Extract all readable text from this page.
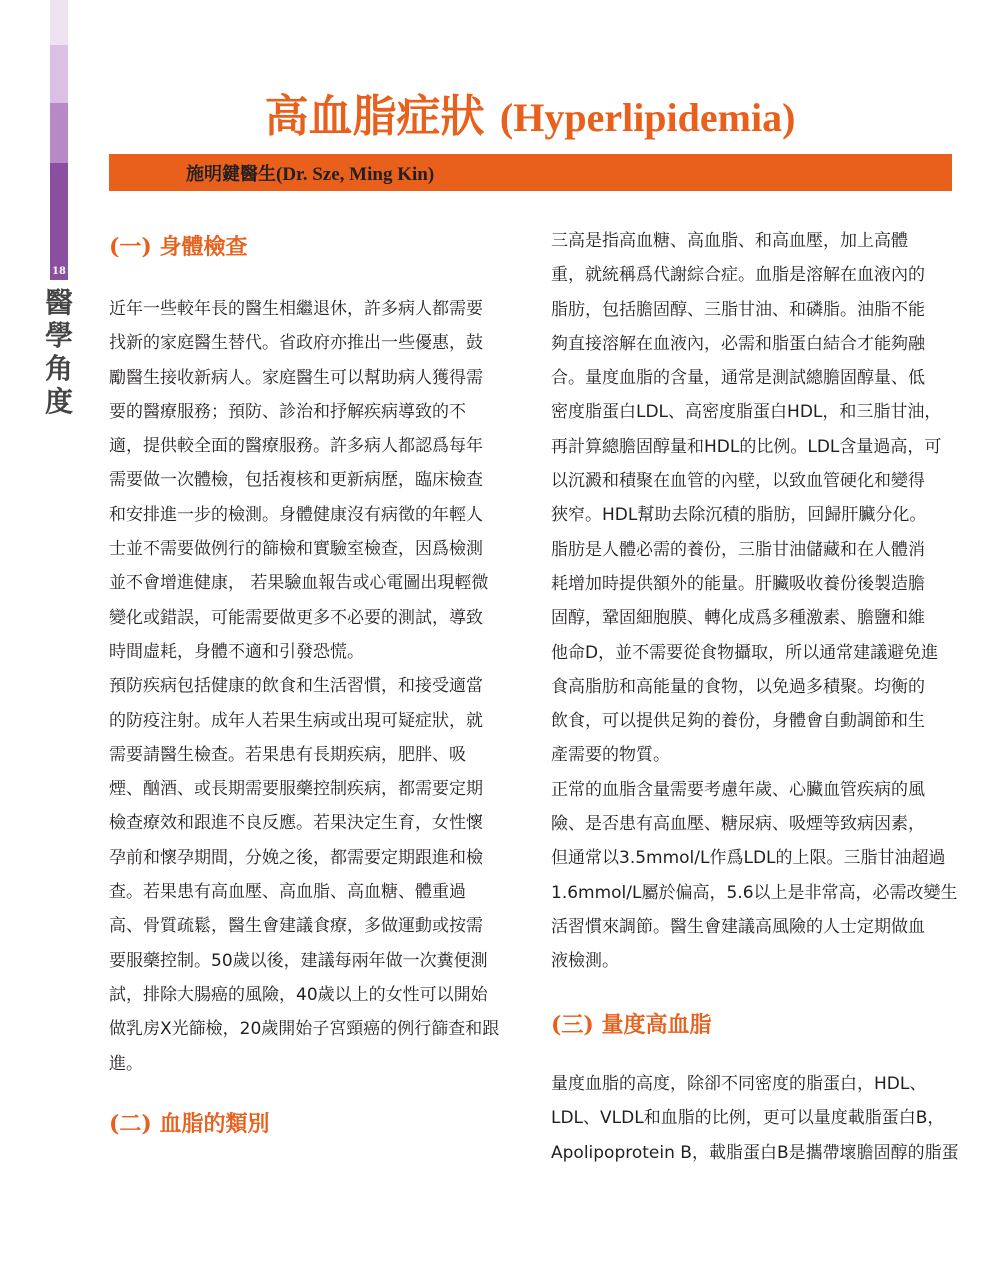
18
醫
學
角
度
高血脂症狀 (Hyperlipidemia)
施明鍵醫生(Dr. Sze, Ming Kin)
(一) 身體檢查
(二) 血脂的類別
(三) 量度高血脂

近年一些較年長的醫生相繼退休，許多病人都需要

找新的家庭醫生替代。省政府亦推出一些優惠，鼓

勵醫生接收新病人。家庭醫生可以幫助病人獲得需

要的醫療服務；預防、診治和抒解疾病導致的不

適，提供較全面的醫療服務。許多病人都認爲每年

需要做一次體檢，包括複核和更新病歷，臨床檢查

和安排進一步的檢測。身體健康沒有病徵的年輕人

士並不需要做例行的篩檢和實驗室檢查，因爲檢測

並不會增進健康， 若果驗血報告或心電圖出現輕微

變化或錯誤，可能需要做更多不必要的測試，導致

時間虛耗，身體不適和引發恐慌。

預防疾病包括健康的飲食和生活習慣，和接受適當

的防疫注射。成年人若果生病或出現可疑症狀，就

需要請醫生檢查。若果患有長期疾病，肥胖、吸

煙、酗酒、或長期需要服藥控制疾病，都需要定期

檢查療效和跟進不良反應。若果決定生育，女性懷

孕前和懷孕期間，分娩之後，都需要定期跟進和檢

查。若果患有高血壓、高血脂、高血糖、體重過

高、骨質疏鬆，醫生會建議食療，多做運動或按需

要服藥控制。50歲以後，建議每兩年做一次糞便測

試，排除大腸癌的風險，40歲以上的女性可以開始

做乳房X光篩檢，20歲開始子宮頸癌的例行篩查和跟

進。

三高是指高血糖、高血脂、和高血壓，加上高體

重，就統稱爲代謝綜合症。血脂是溶解在血液內的

脂肪，包括膽固醇、三脂甘油、和磷脂。油脂不能

夠直接溶解在血液內，必需和脂蛋白結合才能夠融

合。量度血脂的含量，通常是測試總膽固醇量、低

密度脂蛋白LDL、高密度脂蛋白HDL，和三脂甘油，

再計算總膽固醇量和HDL的比例。LDL含量過高，可

以沉澱和積聚在血管的內壁，以致血管硬化和變得

狹窄。HDL幫助去除沉積的脂肪，回歸肝臟分化。

脂肪是人體必需的養份，三脂甘油儲藏和在人體消

耗增加時提供額外的能量。肝臟吸收養份後製造膽

固醇，鞏固細胞膜、轉化成爲多種激素、膽鹽和維

他命D，並不需要從食物攝取，所以通常建議避免進

食高脂肪和高能量的食物，以免過多積聚。均衡的

飲食，可以提供足夠的養份，身體會自動調節和生

產需要的物質。

正常的血脂含量需要考慮年歲、心臟血管疾病的風

險、是否患有高血壓、糖尿病、吸煙等致病因素，

但通常以3.5mmol/L作爲LDL的上限。三脂甘油超過

1.6mmol/L屬於偏高，5.6以上是非常高，必需改變生

活習慣來調節。醫生會建議高風險的人士定期做血

液檢測。

量度血脂的高度，除卻不同密度的脂蛋白，HDL、

LDL、VLDL和血脂的比例，更可以量度載脂蛋白B，

Apolipoprotein B，載脂蛋白B是攜帶壞膽固醇的脂蛋
